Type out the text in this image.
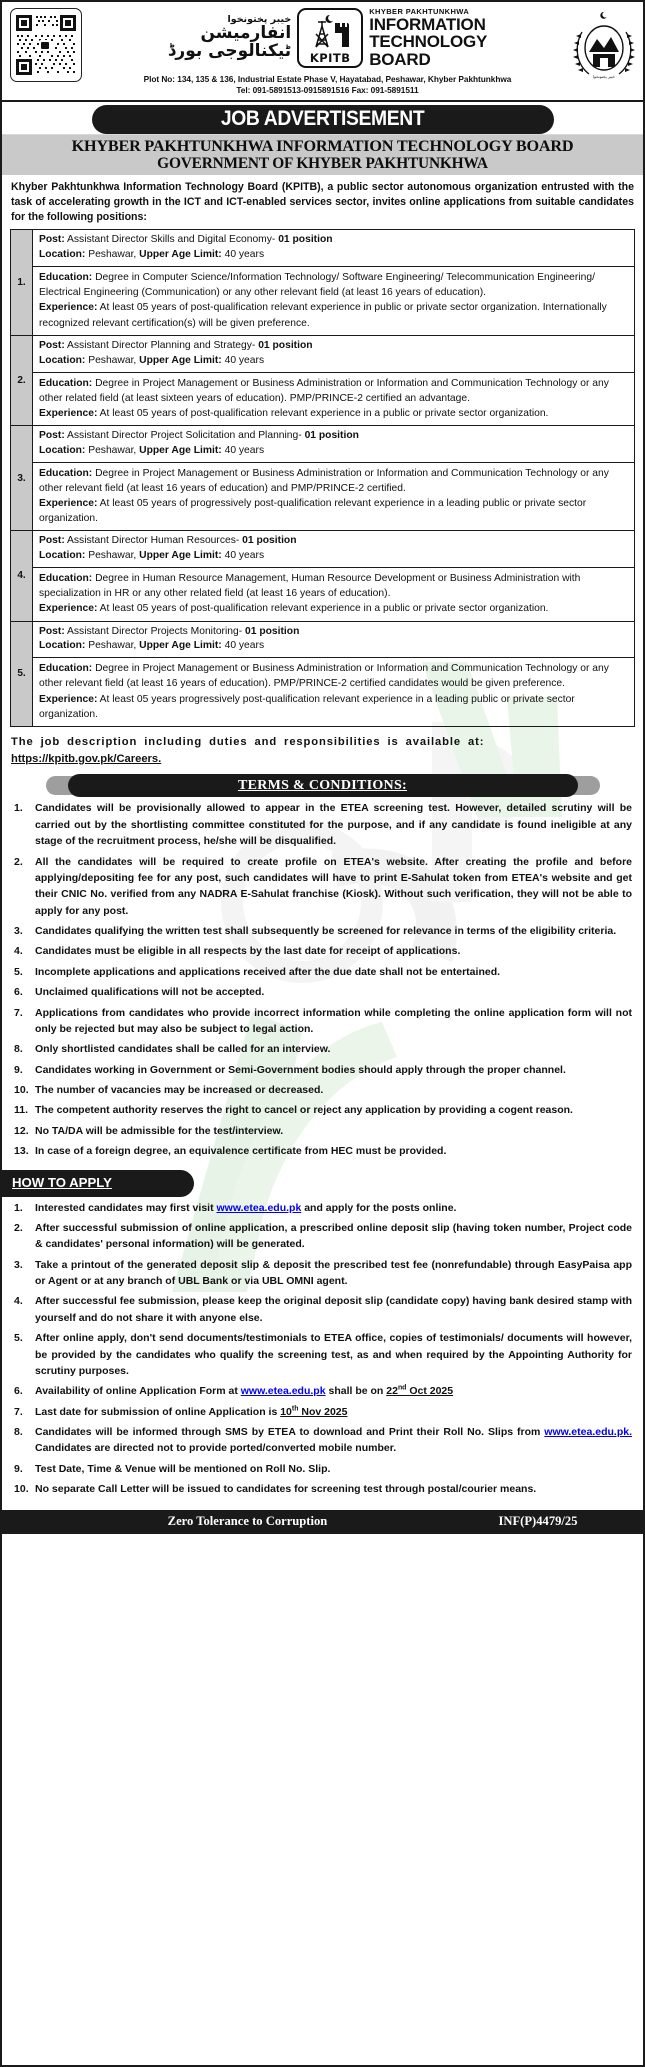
خیبر پختونخوا
انفارمیشن
ٹیکنالوجی بورڈ KPITB
KHYBER PAKHTUNKHWA
INFORMATION
TECHNOLOGY
BOARD
Plot No: 134, 135 & 136, Industrial Estate Phase V, Hayatabad, Peshawar, Khyber Pakhtunkhwa
Tel: 091-5891513-0915891516 Fax: 091-5891511
خیبر پختونخوا
JOB ADVERTISEMENT
KHYBER PAKHTUNKHWA INFORMATION TECHNOLOGY BOARD
GOVERNMENT OF KHYBER PAKHTUNKHWA
Khyber Pakhtunkhwa Information Technology Board (KPITB), a public sector autonomous organization entrusted with the task of accelerating growth in the ICT and ICT-enabled services sector, invites online applications from suitable candidates for the following positions:
1.
Post: Assistant Director Skills and Digital Economy- 01 position
Location: Peshawar, Upper Age Limit: 40 years
Education: Degree in Computer Science/Information Technology/ Software Engineering/ Telecommunication Engineering/ Electrical Engineering (Communication) or any other relevant field (at least 16 years of education).
Experience: At least 05 years of post-qualification relevant experience in public or private sector organization. Internationally recognized relevant certification(s) will be given preference.
2.
Post: Assistant Director Planning and Strategy- 01 position
Location: Peshawar, Upper Age Limit: 40 years
Education: Degree in Project Management or Business Administration or Information and Communication Technology or any other related field (at least sixteen years of education). PMP/PRINCE-2 certified an advantage.
Experience: At least 05 years of post-qualification relevant experience in a public or private sector organization.
3.
Post: Assistant Director Project Solicitation and Planning- 01 position
Location: Peshawar, Upper Age Limit: 40 years
Education: Degree in Project Management or Business Administration or Information and Communication Technology or any other relevant field (at least 16 years of education) and PMP/PRINCE-2 certified.
Experience: At least 05 years of progressively post-qualification relevant experience in a leading public or private sector organization.
4.
Post: Assistant Director Human Resources- 01 position
Location: Peshawar, Upper Age Limit: 40 years
Education: Degree in Human Resource Management, Human Resource Development or Business Administration with specialization in HR or any other related field (at least 16 years of education).
Experience: At least 05 years of post-qualification relevant experience in a public or private sector organization.
5.
Post: Assistant Director Projects Monitoring- 01 position
Location: Peshawar, Upper Age Limit: 40 years
Education: Degree in Project Management or Business Administration or Information and Communication Technology or any other relevant field (at least 16 years of education). PMP/PRINCE-2 certified candidates would be given preference.
Experience: At least 05 years progressively post-qualification relevant experience in a leading public or private sector organization.
The job description including duties and responsibilities is available at:
https://kpitb.gov.pk/Careers.
TERMS & CONDITIONS:
Candidates will be provisionally allowed to appear in the ETEA screening test. However, detailed scrutiny will be carried out by the shortlisting committee constituted for the purpose, and if any candidate is found ineligible at any stage of the recruitment process, he/she will be disqualified.
All the candidates will be required to create profile on ETEA's website. After creating the profile and before applying/depositing fee for any post, such candidates will have to print E-Sahulat token from ETEA's website and get their CNIC No. verified from any NADRA E-Sahulat franchise (Kiosk). Without such verification, they will not be able to apply for any post.
Candidates qualifying the written test shall subsequently be screened for relevance in terms of the eligibility criteria.
Candidates must be eligible in all respects by the last date for receipt of applications.
Incomplete applications and applications received after the due date shall not be entertained.
Unclaimed qualifications will not be accepted.
Applications from candidates who provide incorrect information while completing the online application form will not only be rejected but may also be subject to legal action.
Only shortlisted candidates shall be called for an interview.
Candidates working in Government or Semi-Government bodies should apply through the proper channel.
The number of vacancies may be increased or decreased.
The competent authority reserves the right to cancel or reject any application by providing a cogent reason.
No TA/DA will be admissible for the test/interview.
In case of a foreign degree, an equivalence certificate from HEC must be provided.
HOW TO APPLY
Interested candidates may first visit www.etea.edu.pk and apply for the posts online.
After successful submission of online application, a prescribed online deposit slip (having token number, Project code & candidates' personal information) will be generated.
Take a printout of the generated deposit slip & deposit the prescribed test fee (nonrefundable) through EasyPaisa app or Agent or at any branch of UBL Bank or via UBL OMNI agent.
After successful fee submission, please keep the original deposit slip (candidate copy) having bank desired stamp with yourself and do not share it with anyone else.
After online apply, don't send documents/testimonials to ETEA office, copies of testimonials/ documents will however, be provided by the candidates who qualify the screening test, as and when required by the Appointing Authority for scrutiny purposes.
Availability of online Application Form at www.etea.edu.pk shall be on 22nd Oct 2025
Last date for submission of online Application is 10th Nov 2025
Candidates will be informed through SMS by ETEA to download and Print their Roll No. Slips from www.etea.edu.pk. Candidates are directed not to provide ported/converted mobile number.
Test Date, Time & Venue will be mentioned on Roll No. Slip.
No separate Call Letter will be issued to candidates for screening test through postal/courier means.
Zero Tolerance to Corruption	INF(P)4479/25
